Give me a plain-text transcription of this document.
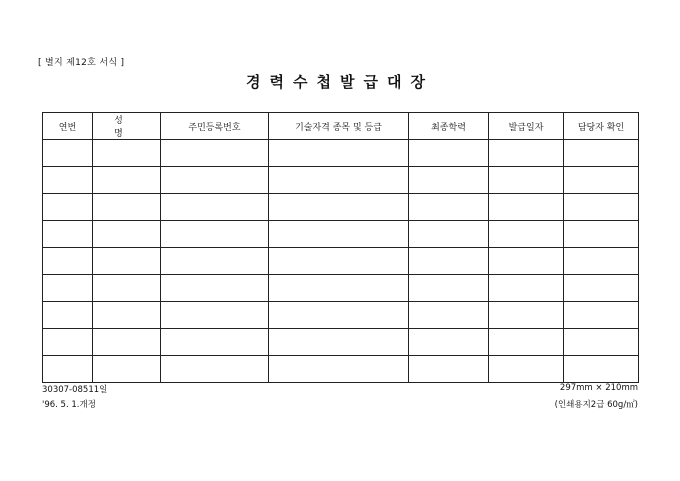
[ 별지 제12호 서식 ]
경력수첩발급대장
연번	성 명	주민등록번호	기술자격 종목 및 등급	최종학력	발급일자	담당자 확인

30307-08511일
'96. 5. 1.개정
297mm × 210mm
(인쇄용지2급 60g/㎡)
